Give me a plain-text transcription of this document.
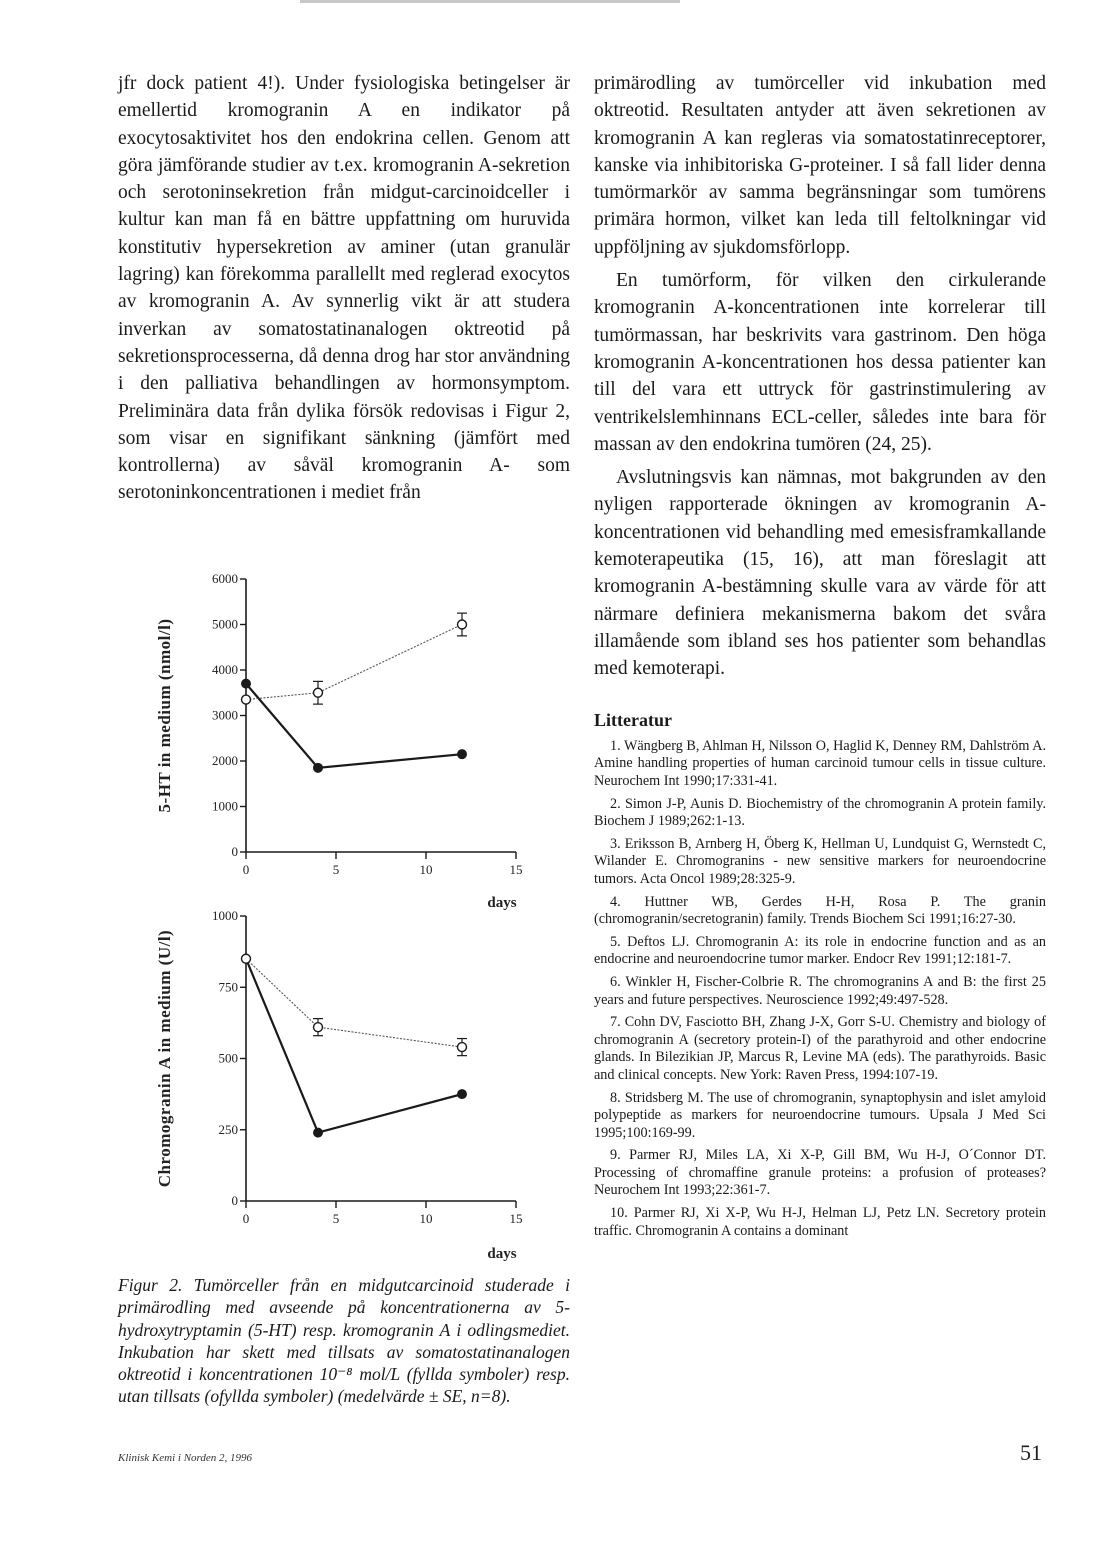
jfr dock patient 4!). Under fysiologiska betingelser är emellertid kromogranin A en indikator på exocytosaktivitet hos den endokrina cellen. Genom att göra jämförande studier av t.ex. kromogranin A-sekretion och serotoninsekretion från midgut-carcinoidceller i kultur kan man få en bättre uppfattning om huruvida konstitutiv hypersekretion av aminer (utan granulär lagring) kan förekomma parallellt med reglerad exocytos av kromogranin A. Av synnerlig vikt är att studera inverkan av somatostatinanalogen oktreotid på sekretionsprocesserna, då denna drog har stor användning i den palliativa behandlingen av hormonsymptom. Preliminära data från dylika försök redovisas i Figur 2, som visar en signifikant sänkning (jämfört med kontrollerna) av såväl kromogranin A- som serotoninkoncentrationen i mediet från

0
1000
2000
3000
4000
5000
6000
0	5	10	15
5-HT in medium (nmol/l)
days
0
250
500
750
1000
0	5	10	15
Chromogranin A in medium (U/l)
days
Figur 2. Tumörceller från en midgutcarcinoid studerade i primärodling med avseende på koncentrationerna av 5-hydroxytryptamin (5-HT) resp. kromogranin A i odlingsmediet. Inkubation har skett med tillsats av somatostatinanalogen oktreotid i koncentrationen 10⁻⁸ mol/L (fyllda symboler) resp. utan tillsats (ofyllda symboler) (medelvärde ± SE, n=8).

primärodling av tumörceller vid inkubation med oktreotid. Resultaten antyder att även sekretionen av kromogranin A kan regleras via somatostatinreceptorer, kanske via inhibitoriska G-proteiner. I så fall lider denna tumörmarkör av samma begränsningar som tumörens primära hormon, vilket kan leda till feltolkningar vid uppföljning av sjukdomsförlopp.

En tumörform, för vilken den cirkulerande kromogranin A-koncentrationen inte korrelerar till tumörmassan, har beskrivits vara gastrinom. Den höga kromogranin A-koncentrationen hos dessa patienter kan till del vara ett uttryck för gastrinstimulering av ventrikelslemhinnans ECL-celler, således inte bara för massan av den endokrina tumören (24, 25).

Avslutningsvis kan nämnas, mot bakgrunden av den nyligen rapporterade ökningen av kromogranin A-koncentrationen vid behandling med emesisframkallande kemoterapeutika (15, 16), att man föreslagit att kromogranin A-bestämning skulle vara av värde för att närmare definiera mekanismerna bakom det svåra illamående som ibland ses hos patienter som behandlas med kemoterapi.

Litteratur
1. Wängberg B, Ahlman H, Nilsson O, Haglid K, Denney RM, Dahlström A. Amine handling properties of human carcinoid tumour cells in tissue culture. Neurochem Int 1990;17:331-41.
2. Simon J-P, Aunis D. Biochemistry of the chromogranin A protein family. Biochem J 1989;262:1-13.
3. Eriksson B, Arnberg H, Öberg K, Hellman U, Lundquist G, Wernstedt C, Wilander E. Chromogranins - new sensitive markers for neuroendocrine tumors. Acta Oncol 1989;28:325-9.
4. Huttner WB, Gerdes H-H, Rosa P. The granin (chromogranin/secretogranin) family. Trends Biochem Sci 1991;16:27-30.
5. Deftos LJ. Chromogranin A: its role in endocrine function and as an endocrine and neuroendocrine tumor marker. Endocr Rev 1991;12:181-7.
6. Winkler H, Fischer-Colbrie R. The chromogranins A and B: the first 25 years and future perspectives. Neuroscience 1992;49:497-528.
7. Cohn DV, Fasciotto BH, Zhang J-X, Gorr S-U. Chemistry and biology of chromogranin A (secretory protein-I) of the parathyroid and other endocrine glands. In Bilezikian JP, Marcus R, Levine MA (eds). The parathyroids. Basic and clinical concepts. New York: Raven Press, 1994:107-19.
8. Stridsberg M. The use of chromogranin, synaptophysin and islet amyloid polypeptide as markers for neuroendocrine tumours. Upsala J Med Sci 1995;100:169-99.
9. Parmer RJ, Miles LA, Xi X-P, Gill BM, Wu H-J, O´Connor DT. Processing of chromaffine granule proteins: a profusion of proteases? Neurochem Int 1993;22:361-7.
10. Parmer RJ, Xi X-P, Wu H-J, Helman LJ, Petz LN. Secretory protein traffic. Chromogranin A contains a dominant
Klinisk Kemi i Norden 2, 1996	51
